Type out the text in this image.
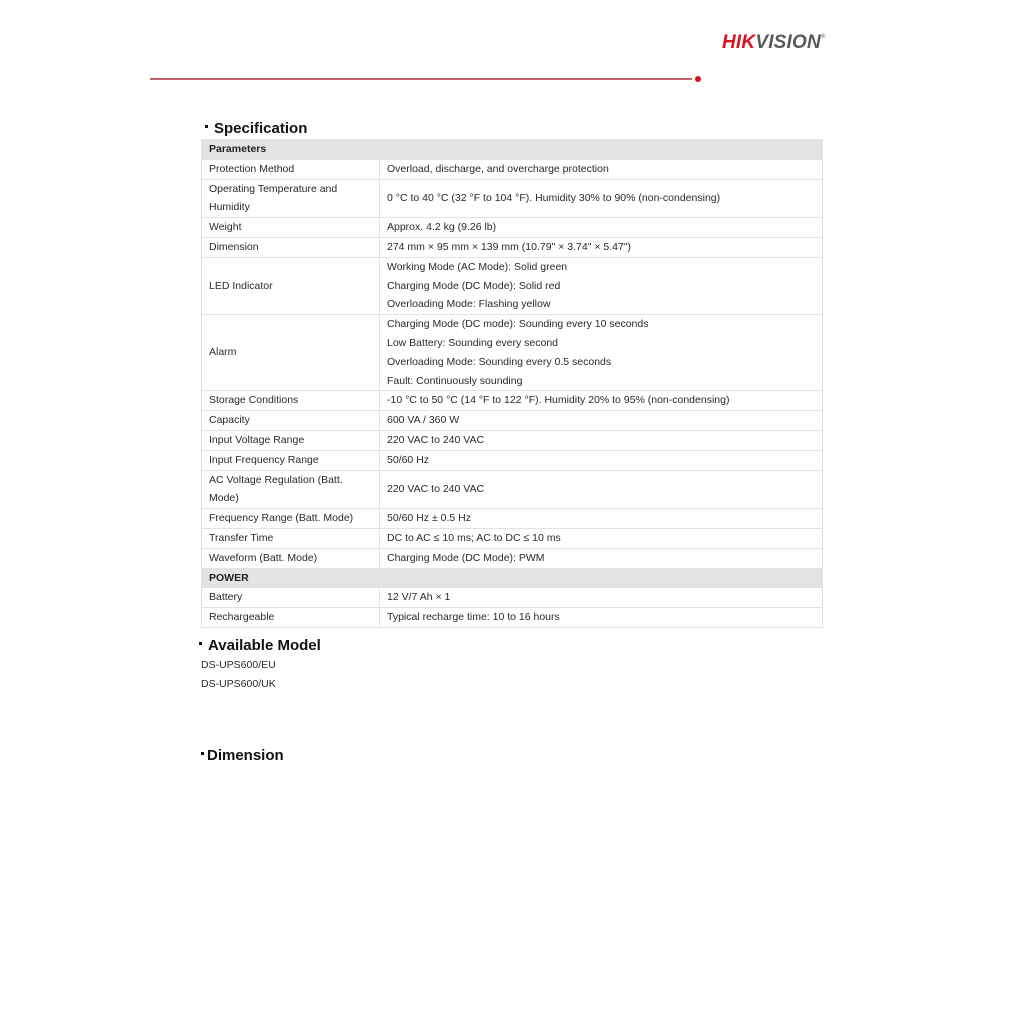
HIKVISION®
Specification
Parameters	
Protection Method	Overload, discharge, and overcharge protection

Operating Temperature and Humidity	0 °C to 40 °C (32 °F to 104 °F). Humidity 30% to 90% (non-condensing)

Weight	Approx. 4.2 kg (9.26 lb)

Dimension	274 mm × 95 mm × 139 mm (10.79" × 3.74" × 5.47")

LED Indicator	Working Mode (AC Mode): Solid green
Charging Mode (DC Mode): Solid red
Overloading Mode: Flashing yellow

Alarm	Charging Mode (DC mode): Sounding every 10 seconds
Low Battery: Sounding every second
Overloading Mode: Sounding every 0.5 seconds
Fault: Continuously sounding

Storage Conditions	-10 °C to 50 °C (14 °F to 122 °F). Humidity 20% to 95% (non-condensing)

Capacity	600 VA / 360 W

Input Voltage Range	220 VAC to 240 VAC

Input Frequency Range	50/60 Hz

AC Voltage Regulation (Batt. Mode)	220 VAC to 240 VAC

Frequency Range (Batt. Mode)	50/60 Hz ± 0.5 Hz

Transfer Time	DC to AC ≤ 10 ms; AC to DC ≤ 10 ms

Waveform (Batt. Mode)	Charging Mode (DC Mode): PWM

POWER	
Battery	12 V/7 Ah × 1

Rechargeable	Typical recharge time: 10 to 16 hours
Available Model
DS-UPS600/EU
DS-UPS600/UK
Dimension
